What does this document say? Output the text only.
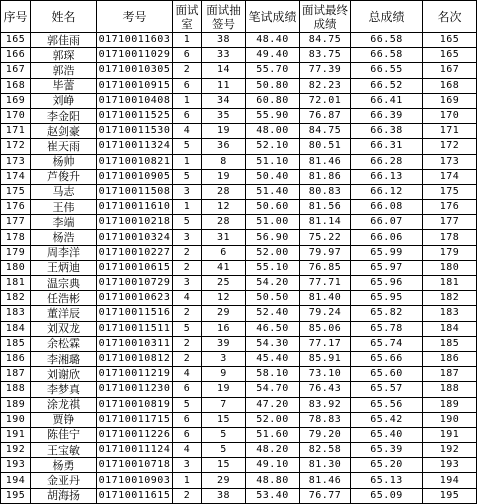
序号	姓名	考号	面试室	面试抽签号	笔试成绩	面试最终成绩	总成绩	名次
165	郭佳雨	01710011603	1	38	48.40	84.75	66.58	165
166	郭琛	01710011029	6	33	49.40	83.75	66.58	165
167	郭浩	01710010305	2	14	55.70	77.39	66.55	167
168	毕蕾	01710010915	6	11	50.80	82.23	66.52	168
169	刘峥	01710010408	1	34	60.80	72.01	66.41	169
170	李金阳	01710011525	6	35	55.90	76.87	66.39	170
171	赵剑豪	01710011530	4	19	48.00	84.75	66.38	171
172	崔天雨	01710011324	5	36	52.10	80.51	66.31	172
173	杨帅	01710010821	1	8	51.10	81.46	66.28	173
174	芦俊升	01710010905	5	19	50.40	81.86	66.13	174
175	马志	01710011508	3	28	51.40	80.83	66.12	175
176	王伟	01710011610	1	12	50.60	81.56	66.08	176
177	李端	01710010218	5	28	51.00	81.14	66.07	177
178	杨浩	01710010324	3	31	56.90	75.22	66.06	178
179	周李洋	01710010227	2	6	52.00	79.97	65.99	179
180	王炳迪	01710010615	2	41	55.10	76.85	65.97	180
181	温宗典	01710010729	3	25	54.20	77.71	65.96	181
182	任浩彬	01710010623	4	12	50.50	81.40	65.95	182
183	董洋辰	01710011516	2	29	52.40	79.24	65.82	183
184	刘双龙	01710011511	5	16	46.50	85.06	65.78	184
185	余松霖	01710010311	2	39	54.30	77.17	65.74	185
186	李湘璐	01710010812	2	3	45.40	85.91	65.66	186
187	刘谢欣	01710011219	4	9	58.10	73.10	65.60	187
188	李梦真	01710011230	6	19	54.70	76.43	65.57	188
189	涂龙祺	01710010819	5	7	47.20	83.92	65.56	189
190	贾铮	01710011715	6	15	52.00	78.83	65.42	190
191	陈佳宁	01710011226	6	5	51.60	79.20	65.40	191
192	王宝敏	01710011124	4	5	48.20	82.58	65.39	192
193	杨勇	01710010718	3	15	49.10	81.30	65.20	193
194	金亚丹	01710010903	1	29	48.80	81.46	65.13	194
195	胡海扬	01710011615	2	38	53.40	76.77	65.09	195
